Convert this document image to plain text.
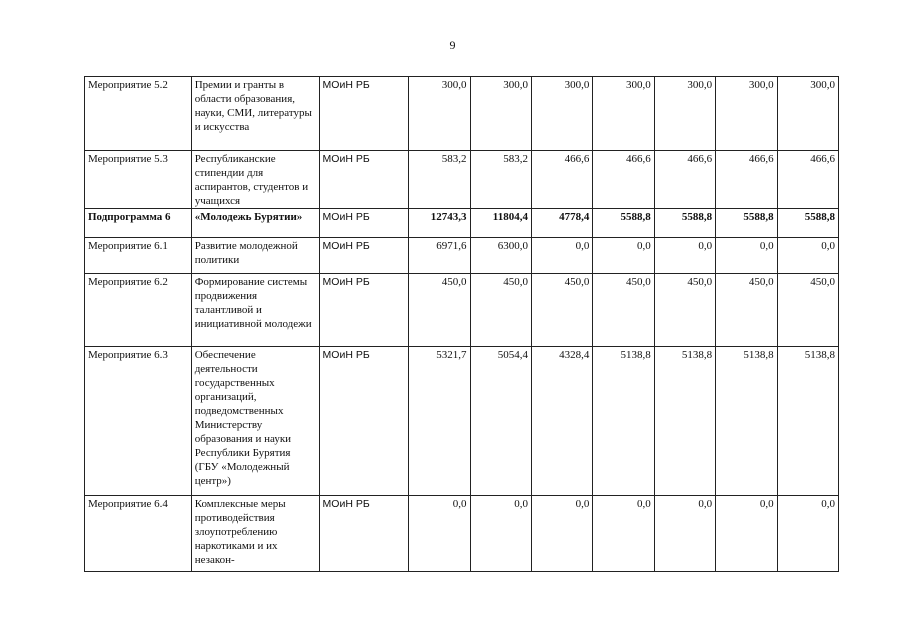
9
Мероприятие 5.2	Премии и гранты в области образования, науки, СМИ, литературы и искусства	МОиН РБ	300,0	300,0	300,0	300,0	300,0	300,0	300,0
Мероприятие 5.3	Республиканские стипендии для аспирантов, студентов и учащихся	МОиН РБ	583,2	583,2	466,6	466,6	466,6	466,6	466,6
Подпрограмма 6	«Молодежь Бурятии»	МОиН РБ	12743,3	11804,4	4778,4	5588,8	5588,8	5588,8	5588,8
Мероприятие 6.1	Развитие молодежной политики	МОиН РБ	6971,6	6300,0	0,0	0,0	0,0	0,0	0,0
Мероприятие 6.2	Формирование системы продвижения талантливой и инициативной молодежи	МОиН РБ	450,0	450,0	450,0	450,0	450,0	450,0	450,0
Мероприятие 6.3	Обеспечение деятельности государственных организаций, подведомственных Министерству образования и науки Республики Бурятия (ГБУ «Молодежный центр»)	МОиН РБ	5321,7	5054,4	4328,4	5138,8	5138,8	5138,8	5138,8
Мероприятие 6.4	Комплексные меры противодействия злоупотреблению наркотиками и их незакон-	МОиН РБ	0,0	0,0	0,0	0,0	0,0	0,0	0,0
